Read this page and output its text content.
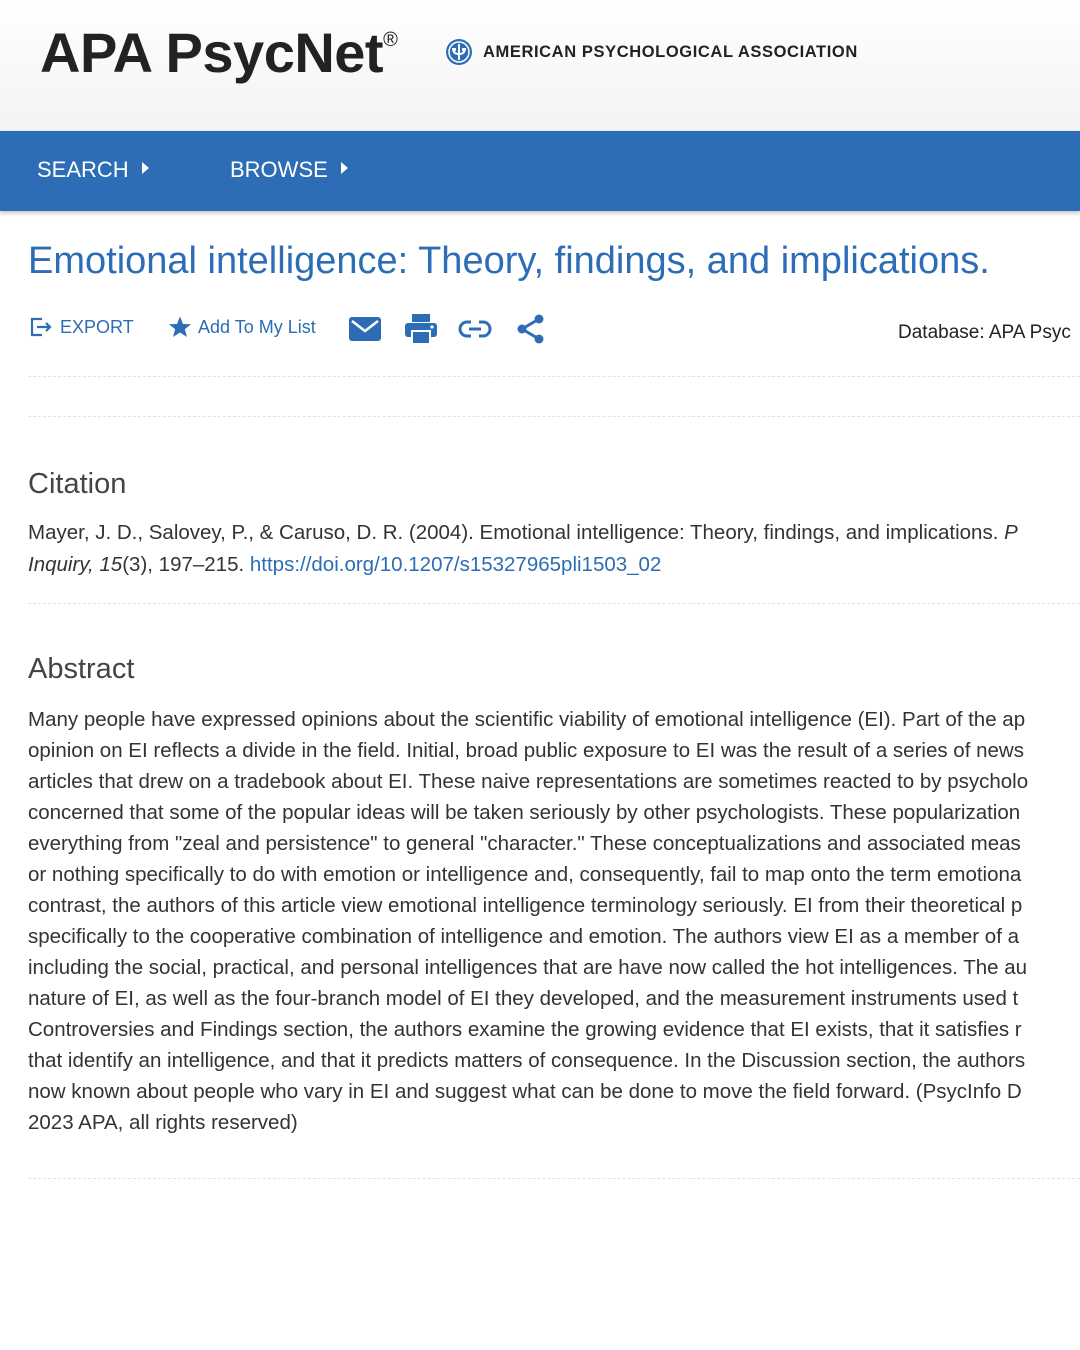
APA PsycNet®
AMERICAN PSYCHOLOGICAL ASSOCIATION
SEARCH	BROWSE
Emotional intelligence: Theory, findings, and implications.
EXPORT	Add To My List	Database: APA Psyc
Citation
Mayer, J. D., Salovey, P., & Caruso, D. R. (2004). Emotional intelligence: Theory, findings, and implications. P
Inquiry, 15(3), 197–215. https://doi.org/10.1207/s15327965pli1503_02
Abstract
Many people have expressed opinions about the scientific viability of emotional intelligence (EI). Part of the ap
opinion on EI reflects a divide in the field. Initial, broad public exposure to EI was the result of a series of news
articles that drew on a tradebook about EI. These naive representations are sometimes reacted to by psycholo
concerned that some of the popular ideas will be taken seriously by other psychologists. These popularization
everything from "zeal and persistence" to general "character." These conceptualizations and associated meas
or nothing specifically to do with emotion or intelligence and, consequently, fail to map onto the term emotiona
contrast, the authors of this article view emotional intelligence terminology seriously. EI from their theoretical p
specifically to the cooperative combination of intelligence and emotion. The authors view EI as a member of a
including the social, practical, and personal intelligences that are have now called the hot intelligences. The au
nature of EI, as well as the four-branch model of EI they developed, and the measurement instruments used t
Controversies and Findings section, the authors examine the growing evidence that EI exists, that it satisfies r
that identify an intelligence, and that it predicts matters of consequence. In the Discussion section, the authors
now known about people who vary in EI and suggest what can be done to move the field forward. (PsycInfo D
2023 APA, all rights reserved)
